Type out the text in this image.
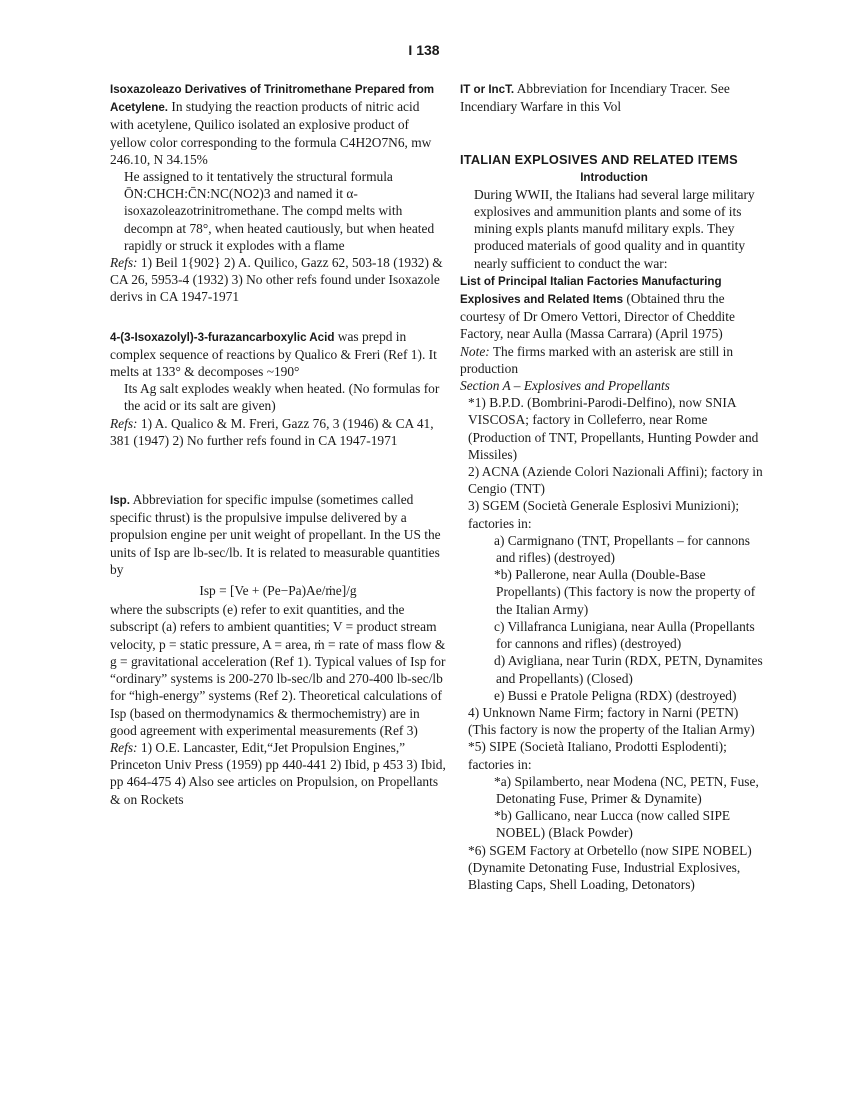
I 138

Isoxazoleazo Derivatives of Trinitromethane Prepared from Acetylene. In studying the reaction products of nitric acid with acetylene, Quilico isolated an explosive product of yellow color corresponding to the formula C4H2O7N6, mw 246.10, N 34.15%

He assigned to it tentatively the structural formula ŌN:CHCH:C̄N:NC(NO2)3 and named it α-isoxazoleazotrinitromethane. The compd melts with decompn at 78°, when heated cautiously, but when heated rapidly or struck it explodes with a flame

Refs: 1) Beil 1{902} 2) A. Quilico, Gazz 62, 503-18 (1932) & CA 26, 5953-4 (1932) 3) No other refs found under Isoxazole derivs in CA 1947-1971

4-(3-Isoxazolyl)-3-furazancarboxylic Acid was prepd in complex sequence of reactions by Qualico & Freri (Ref 1). It melts at 133° & decomposes ~190°

Its Ag salt explodes weakly when heated. (No formulas for the acid or its salt are given)

Refs: 1) A. Qualico & M. Freri, Gazz 76, 3 (1946) & CA 41, 381 (1947) 2) No further refs found in CA 1947-1971

Isp. Abbreviation for specific impulse (sometimes called specific thrust) is the propulsive impulse delivered by a propulsion engine per unit weight of propellant. In the US the units of Isp are lb-sec/lb. It is related to measurable quantities by

Isp = [Ve + (Pe−Pa)Ae/ṁe]/g

where the subscripts (e) refer to exit quantities, and the subscript (a) refers to ambient quantities; V = product stream velocity, p = static pressure, A = area, ṁ = rate of mass flow & g = gravitational acceleration (Ref 1). Typical values of Isp for “ordinary” systems is 200-270 lb-sec/lb and 270-400 lb-sec/lb for “high-energy” systems (Ref 2). Theoretical calculations of Isp (based on thermodynamics & thermochemistry) are in good agreement with experimental measurements (Ref 3)

Refs: 1) O.E. Lancaster, Edit,“Jet Propulsion Engines,” Princeton Univ Press (1959) pp 440-441 2) Ibid, p 453 3) Ibid, pp 464-475 4) Also see articles on Propulsion, on Propellants & on Rockets

IT or IncT. Abbreviation for Incendiary Tracer. See Incendiary Warfare in this Vol

ITALIAN EXPLOSIVES AND RELATED ITEMS

Introduction

During WWII, the Italians had several large military explosives and ammunition plants and some of its mining expls plants manufd military expls. They produced materials of good quality and in quantity nearly sufficient to conduct the war:

List of Principal Italian Factories Manufacturing Explosives and Related Items (Obtained thru the courtesy of Dr Omero Vettori, Director of Cheddite Factory, near Aulla (Massa Carrara) (April 1975)

Note: The firms marked with an asterisk are still in production

Section A – Explosives and Propellants

*1) B.P.D. (Bombrini-Parodi-Delfino), now SNIA VISCOSA; factory in Colleferro, near Rome (Production of TNT, Propellants, Hunting Powder and Missiles)

2) ACNA (Aziende Colori Nazionali Affini); factory in Cengio (TNT)

3) SGEM (Società Generale Esplosivi Munizioni); factories in:

a) Carmignano (TNT, Propellants – for cannons and rifles) (destroyed)

*b) Pallerone, near Aulla (Double-Base Propellants) (This factory is now the property of the Italian Army)

c) Villafranca Lunigiana, near Aulla (Propellants for cannons and rifles) (destroyed)

d) Avigliana, near Turin (RDX, PETN, Dynamites and Propellants) (Closed)

e) Bussi e Pratole Peligna (RDX) (destroyed)

4) Unknown Name Firm; factory in Narni (PETN) (This factory is now the property of the Italian Army)

*5) SIPE (Società Italiano, Prodotti Esplodenti); factories in:

*a) Spilamberto, near Modena (NC, PETN, Fuse, Detonating Fuse, Primer & Dynamite)

*b) Gallicano, near Lucca (now called SIPE NOBEL) (Black Powder)

*6) SGEM Factory at Orbetello (now SIPE NOBEL) (Dynamite Detonating Fuse, Industrial Explosives, Blasting Caps, Shell Loading, Detonators)
